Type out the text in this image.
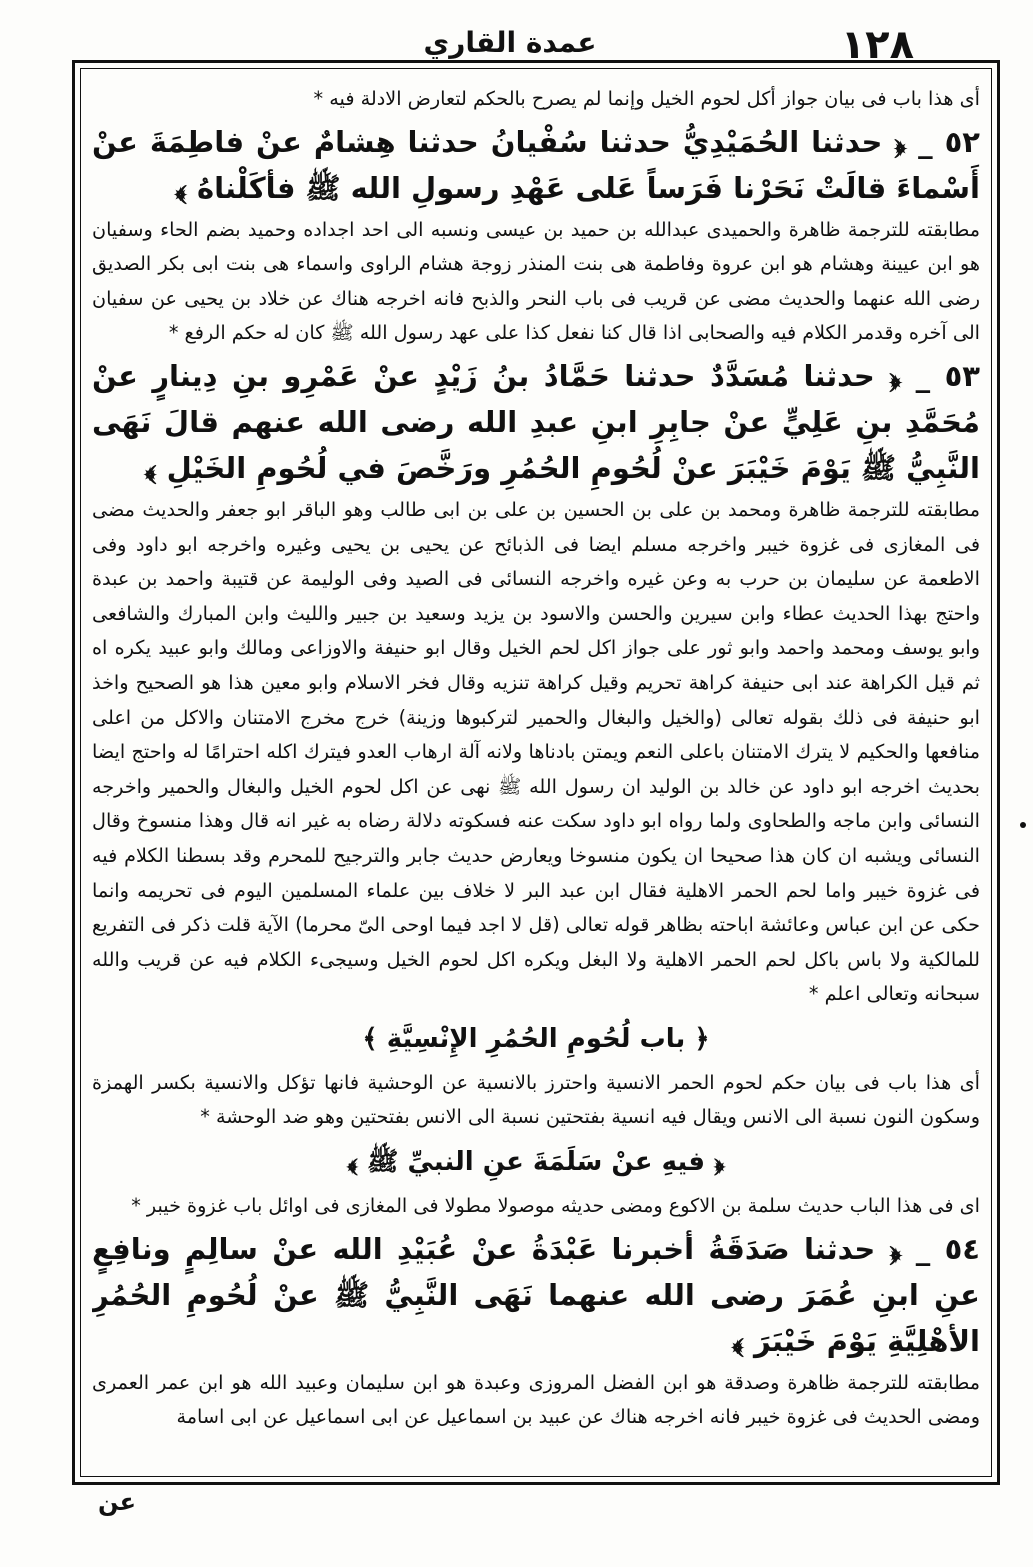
١٢٨
عمدة القاري

أى هذا باب فى بيان جواز أكل لحوم الخيل وإنما لم يصرح بالحكم لتعارض الادلة فيه *

٥٢ _ ﴿ حدثنا الحُمَيْدِيُّ حدثنا سُفْيانُ حدثنا هِشامٌ عنْ فاطِمَةَ عنْ أَسْماءَ قالَتْ نَحَرْنا فَرَساً عَلى عَهْدِ رسولِ الله ﷺ فأكَلْناهُ ﴾

مطابقته للترجمة ظاهرة والحميدى عبدالله بن حميد بن عيسى ونسبه الى احد اجداده وحميد بضم الحاء وسفيان هو ابن عيينة وهشام هو ابن عروة وفاطمة هى بنت المنذر زوجة هشام الراوى واسماء هى بنت ابى بكر الصديق رضى الله عنهما والحديث مضى عن قريب فى باب النحر والذبح فانه اخرجه هناك عن خلاد بن يحيى عن سفيان الى آخره وقدمر الكلام فيه والصحابى اذا قال كنا نفعل كذا على عهد رسول الله ﷺ كان له حكم الرفع *

٥٣ _ ﴿ حدثنا مُسَدَّدٌ حدثنا حَمَّادُ بنُ زَيْدٍ عنْ عَمْرِو بنِ دِينارٍ عنْ مُحَمَّدِ بنِ عَلِيٍّ عنْ جابِرِ ابنِ عبدِ الله رضى الله عنهم قالَ نَهَى النَّبِيُّ ﷺ يَوْمَ خَيْبَرَ عنْ لُحُومِ الحُمُرِ ورَخَّصَ في لُحُومِ الخَيْلِ ﴾

مطابقته للترجمة ظاهرة ومحمد بن على بن الحسين بن على بن ابى طالب وهو الباقر ابو جعفر والحديث مضى فى المغازى فى غزوة خيبر واخرجه مسلم ايضا فى الذبائح عن يحيى بن يحيى وغيره واخرجه ابو داود وفى الاطعمة عن سليمان بن حرب به وعن غيره واخرجه النسائى فى الصيد وفى الوليمة عن قتيبة واحمد بن عبدة واحتج بهذا الحديث عطاء وابن سيرين والحسن والاسود بن يزيد وسعيد بن جبير والليث وابن المبارك والشافعى وابو يوسف ومحمد واحمد وابو ثور على جواز اكل لحم الخيل وقال ابو حنيفة والاوزاعى ومالك وابو عبيد يكره اه ثم قيل الكراهة عند ابى حنيفة كراهة تحريم وقيل كراهة تنزيه وقال فخر الاسلام وابو معين هذا هو الصحيح واخذ ابو حنيفة فى ذلك بقوله تعالى (والخيل والبغال والحمير لتركبوها وزينة) خرج مخرج الامتنان والاكل من اعلى منافعها والحكيم لا يترك الامتنان باعلى النعم ويمتن بادناها ولانه آلة ارهاب العدو فيترك اكله احترامًا له واحتج ايضا بحديث اخرجه ابو داود عن خالد بن الوليد ان رسول الله ﷺ نهى عن اكل لحوم الخيل والبغال والحمير واخرجه النسائى وابن ماجه والطحاوى ولما رواه ابو داود سكت عنه فسكوته دلالة رضاه به غير انه قال وهذا منسوخ وقال النسائى ويشبه ان كان هذا صحيحا ان يكون منسوخا ويعارض حديث جابر والترجيح للمحرم وقد بسطنا الكلام فيه فى غزوة خيبر واما لحم الحمر الاهلية فقال ابن عبد البر لا خلاف بين علماء المسلمين اليوم فى تحريمه وانما حكى عن ابن عباس وعائشة اباحته بظاهر قوله تعالى (قل لا اجد فيما اوحى الىّ محرما) الآية قلت ذكر فى التفريع للمالكية ولا باس باكل لحم الحمر الاهلية ولا البغل ويكره اكل لحوم الخيل وسيجىء الكلام فيه عن قريب والله سبحانه وتعالى اعلم *

﴿ باب لُحُومِ الحُمُرِ الإِنْسِيَّةِ ﴾

أى هذا باب فى بيان حكم لحوم الحمر الانسية واحترز بالانسية عن الوحشية فانها تؤكل والانسية بكسر الهمزة وسكون النون نسبة الى الانس ويقال فيه انسية بفتحتين نسبة الى الانس بفتحتين وهو ضد الوحشة *

﴿ فيهِ عنْ سَلَمَةَ عنِ النبيِّ ﷺ ﴾

اى فى هذا الباب حديث سلمة بن الاكوع ومضى حديثه موصولا مطولا فى المغازى فى اوائل باب غزوة خيبر *

٥٤ _ ﴿ حدثنا صَدَقَةُ أخبرنا عَبْدَةُ عنْ عُبَيْدِ الله عنْ سالِمٍ ونافِعٍ عنِ ابنِ عُمَرَ رضى الله عنهما نَهَى النَّبِيُّ ﷺ عنْ لُحُومِ الحُمُرِ الأهْلِيَّةِ يَوْمَ خَيْبَرَ ﴾

مطابقته للترجمة ظاهرة وصدقة هو ابن الفضل المروزى وعبدة هو ابن سليمان وعبيد الله هو ابن عمر العمرى ومضى الحديث فى غزوة خيبر فانه اخرجه هناك عن عبيد بن اسماعيل عن ابى اسماعيل عن ابى اسامة

عن
